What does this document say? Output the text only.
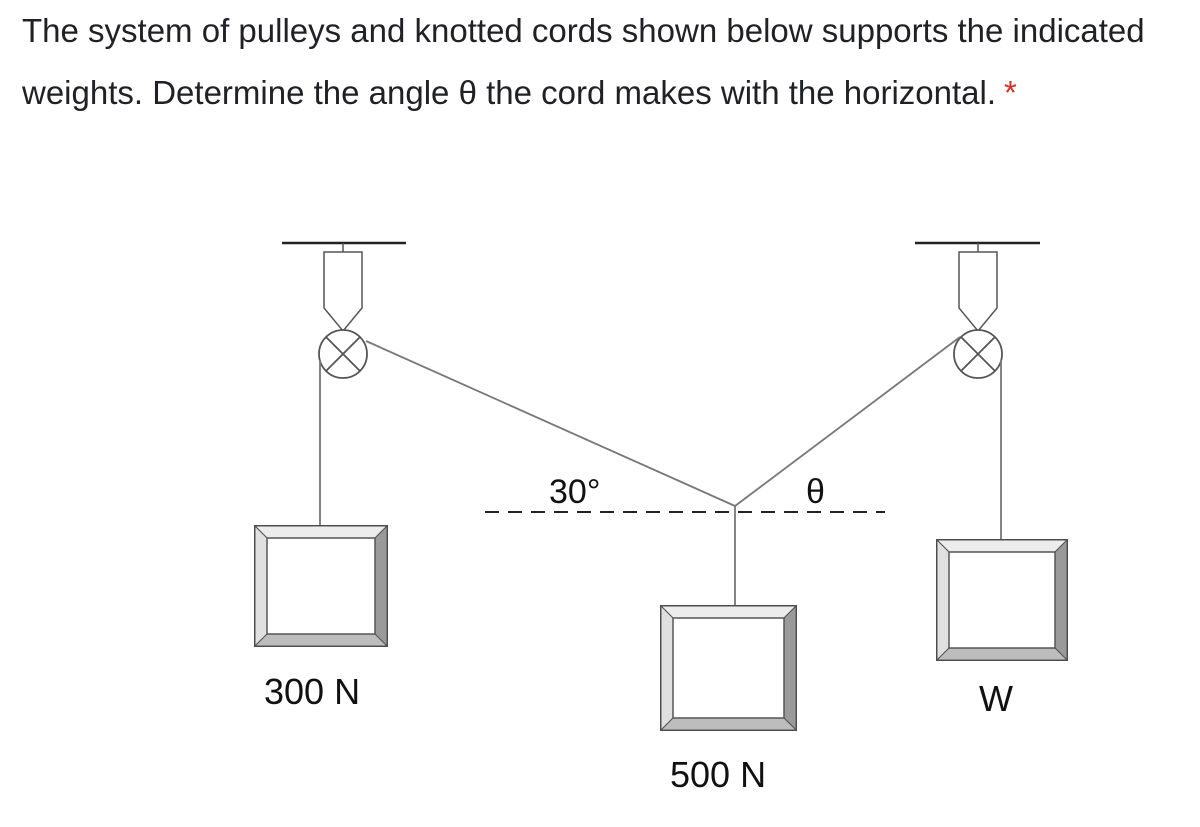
The system of pulleys and knotted cords shown below supports the indicated weights. Determine the angle θ the cord makes with the horizontal. *
30°	θ
300 N
500 N
W
